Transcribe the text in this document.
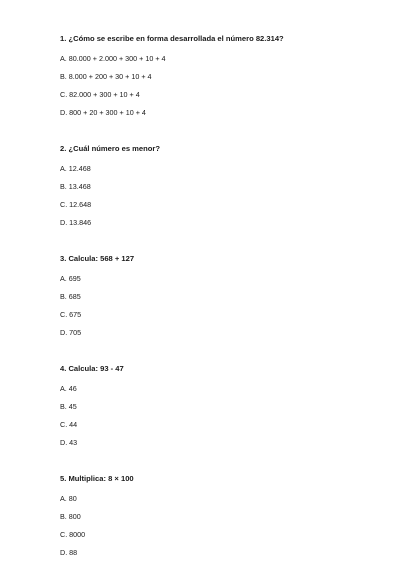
1. ¿Cómo se escribe en forma desarrollada el número 82.314?
A. 80.000 + 2.000 + 300 + 10 + 4
B. 8.000 + 200 + 30 + 10 + 4
C. 82.000 + 300 + 10 + 4
D. 800 + 20 + 300 + 10 + 4
2. ¿Cuál número es menor?
A. 12.468
B. 13.468
C. 12.648
D. 13.846
3. Calcula: 568 + 127
A. 695
B. 685
C. 675
D. 705
4. Calcula: 93 - 47
A. 46
B. 45
C. 44
D. 43
5. Multiplica: 8 × 100
A. 80
B. 800
C. 8000
D. 88
